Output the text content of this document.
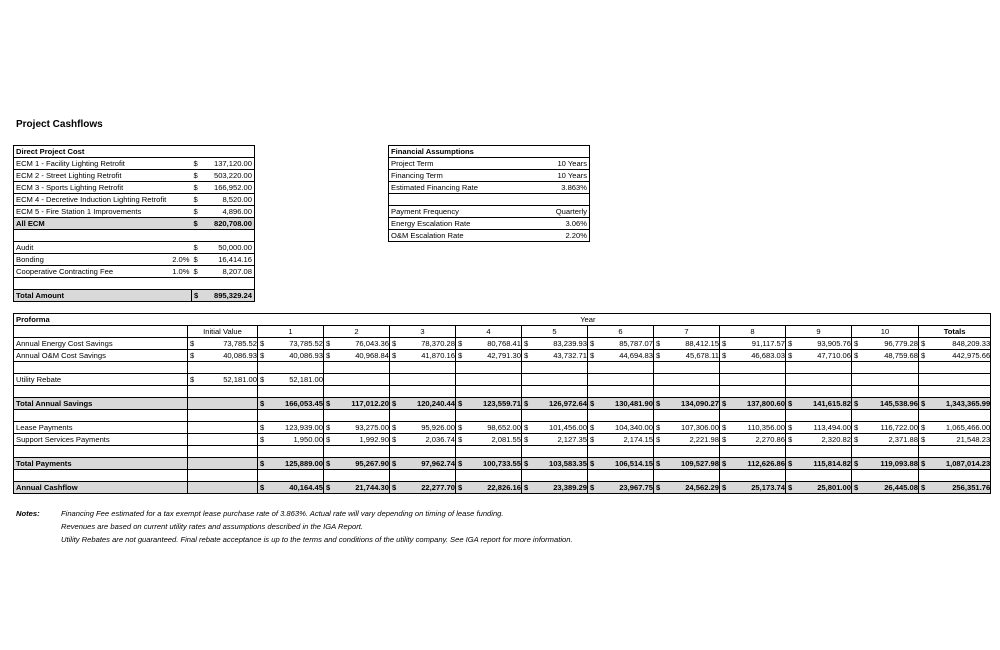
Project Cashflows
Direct Project Cost			
ECM 1 - Facility Lighting Retrofit		$	137,120.00
ECM 2 - Street Lighting Retrofit		$	503,220.00
ECM 3 - Sports Lighting Retrofit		$	166,952.00
ECM 4 - Decretive Induction Lighting Retrofit		$	8,520.00
ECM 5 - Fire Station 1 Improvements		$	4,896.00
All ECM		$	820,708.00

Audit		$	50,000.00
Bonding	2.0%	$	16,414.16
Cooperative Contracting Fee	1.0%	$	8,207.08

Total Amount		$	895,329.24
Financial Assumptions	
Project Term	10 Years
Financing Term	10 Years
Estimated Financing Rate	3.863%

Payment Frequency	Quarterly
Energy Escalation Rate	3.06%
O&M Escalation Rate	2.20%
Proforma	Year																							
	Initial Value		1		2		3		4		5		6		7		8		9		10		Totals	
Annual Energy Cost Savings	$	73,785.52	$	73,785.52	$	76,043.36	$	78,370.28	$	80,768.41	$	83,239.93	$	85,787.07	$	88,412.15	$	91,117.57	$	93,905.76	$	96,779.28	$	848,209.33
Annual O&M Cost Savings	$	40,086.93	$	40,086.93	$	40,968.84	$	41,870.16	$	42,791.30	$	43,732.71	$	44,694.83	$	45,678.11	$	46,683.03	$	47,710.06	$	48,759.68	$	442,975.66

Utility Rebate	$	52,181.00	$	52,181.00																				

Total Annual Savings			$	166,053.45	$	117,012.20	$	120,240.44	$	123,559.71	$	126,972.64	$	130,481.90	$	134,090.27	$	137,800.60	$	141,615.82	$	145,538.96	$	1,343,365.99

Lease Payments			$	123,939.00	$	93,275.00	$	95,926.00	$	98,652.00	$	101,456.00	$	104,340.00	$	107,306.00	$	110,356.00	$	113,494.00	$	116,722.00	$	1,065,466.00
Support Services Payments			$	1,950.00	$	1,992.90	$	2,036.74	$	2,081.55	$	2,127.35	$	2,174.15	$	2,221.98	$	2,270.86	$	2,320.82	$	2,371.88	$	21,548.23

Total Payments			$	125,889.00	$	95,267.90	$	97,962.74	$	100,733.55	$	103,583.35	$	106,514.15	$	109,527.98	$	112,626.86	$	115,814.82	$	119,093.88	$	1,087,014.23

Annual Cashflow			$	40,164.45	$	21,744.30	$	22,277.70	$	22,826.16	$	23,389.29	$	23,967.75	$	24,562.29	$	25,173.74	$	25,801.00	$	26,445.08	$	256,351.76
Notes:	Financing Fee estimated for a tax exempt lease purchase rate of 3.863%. Actual rate will vary depending on timing of lease funding.
Revenues are based on current utility rates and assumptions described in the IGA Report.
Utility Rebates are not guaranteed. Final rebate acceptance is up to the terms and conditions of the utility company. See IGA report for more information.
